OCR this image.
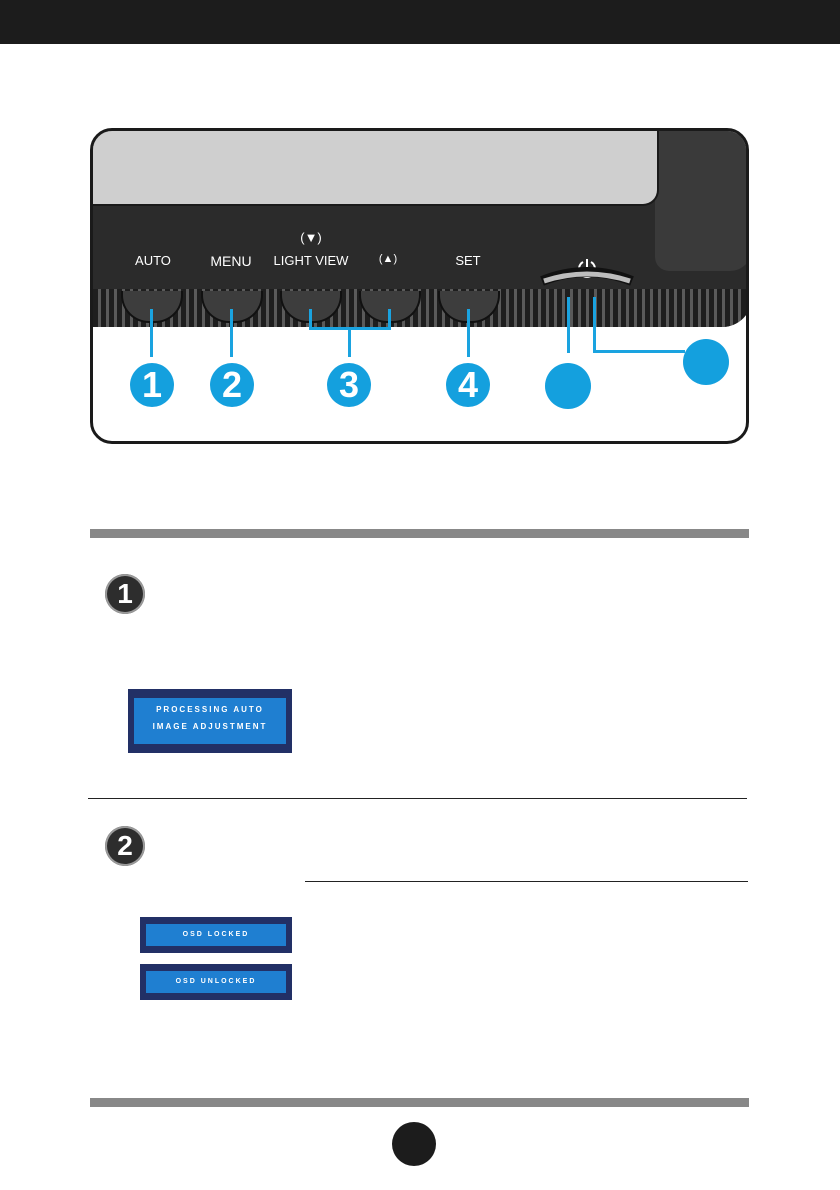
AUTO	MENU
(▼)
LIGHT VIEW	(▲)	SET
1	2	3	4
1
PROCESSING AUTO
IMAGE ADJUSTMENT
2
OSD LOCKED
OSD UNLOCKED
